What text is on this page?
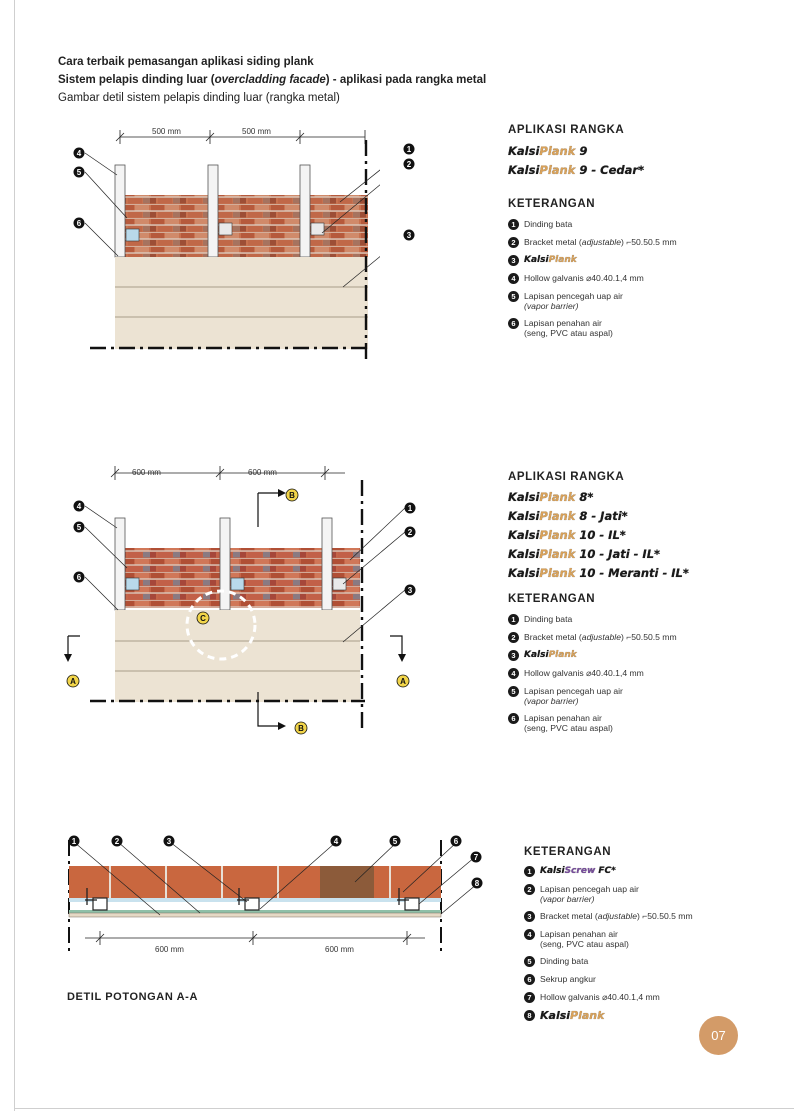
Cara terbaik pemasangan aplikasi siding plank
Sistem pelapis dinding luar (overcladding facade) - aplikasi pada rangka metal
Gambar detil sistem pelapis dinding luar (rangka metal)
500 mm	500 mm
4
5
6
1
2
3
APLIKASI RANGKA
KalsiPlank 9
KalsiPlank 9 - Cedar*
KETERANGAN
1 Dinding bata
2 Bracket metal (adjustable) ⌐50.50.5 mm
3 KalsiPlank
4 Hollow galvanis ⌀40.40.1,4 mm
5 Lapisan pencegah uap air
(vapor barrier)
6 Lapisan penahan air
(seng, PVC atau aspal)
600 mm	600 mm
B
C
A	A
B
4
5
6
1
2
3
APLIKASI RANGKA
KalsiPlank 8*
KalsiPlank 8 - Jati*
KalsiPlank 10 - IL*
KalsiPlank 10 - Jati - IL*
KalsiPlank 10 - Meranti - IL*
KETERANGAN
1 Dinding bata
2 Bracket metal (adjustable) ⌐50.50.5 mm
3 KalsiPlank
4 Hollow galvanis ⌀40.40.1,4 mm
5 Lapisan pencegah uap air
(vapor barrier)
6 Lapisan penahan air
(seng, PVC atau aspal)
1	2	3	4	5	6
7
8
600 mm	600 mm
KETERANGAN
1 KalsiScrew FC*
2 Lapisan pencegah uap air
(vapor barrier)
3 Bracket metal (adjustable) ⌐50.50.5 mm
4 Lapisan penahan air
(seng, PVC atau aspal)
5 Dinding bata
6 Sekrup angkur
7 Hollow galvanis ⌀40.40.1,4 mm
8 KalsiPlank
DETIL POTONGAN A-A
07
